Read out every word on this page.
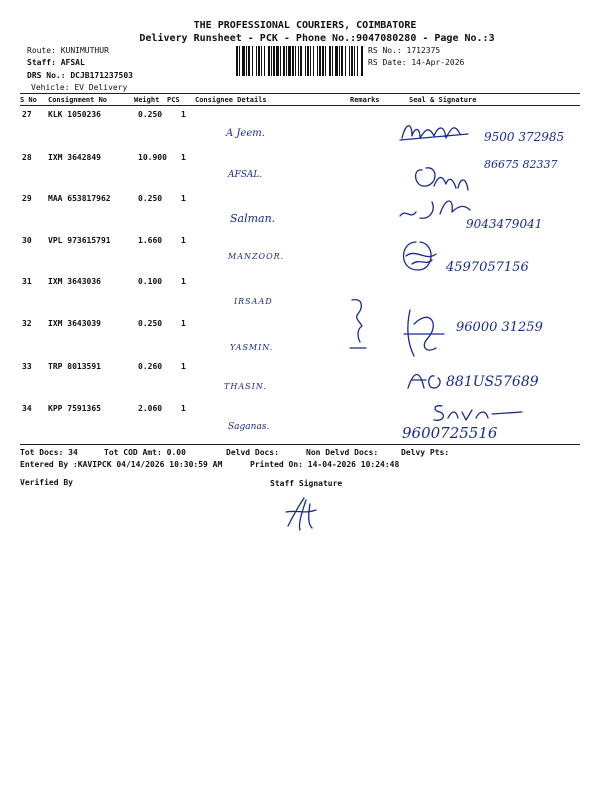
THE PROFESSIONAL COURIERS, COIMBATORE
Delivery Runsheet - PCK - Phone No.:9047080280 - Page No.:3
Route: KUNIMUTHUR
Staff: AFSAL
DRS No.: DCJB171237503
Vehicle: EV Delivery
RS No.: 1712375
RS Date: 14-Apr-2026
S No Consignment No	Weight PCS Consignee Details	Remarks	Seal & Signature
27 KLK 1050236	0.250 1
A Jeem.	9500 372985
28 IXM 3642849	10.900 1
AFSAL.
86675 82337
29 MAA 653817962	0.250 1
Salman.	9043479041
30 VPL 973615791	1.660 1
MANZOOR.
4597057156
31 IXM 3643036	0.100 1
IRSAAD
32 IXM 3643039	0.250 1
YASMIN.
96000 31259
33 TRP 8013591	0.260 1
THASIN.	881US57689
34 KPP 7591365	2.060 1
Saganas.	9600725516
Tot Docs: 34	Tot COD Amt: 0.00	Delvd Docs:	Non Delvd Docs:	Delvy Pts:
Entered By :KAVIPCK 04/14/2026 10:30:59 AM	Printed On: 14-04-2026 10:24:48
Verified By	Staff Signature
